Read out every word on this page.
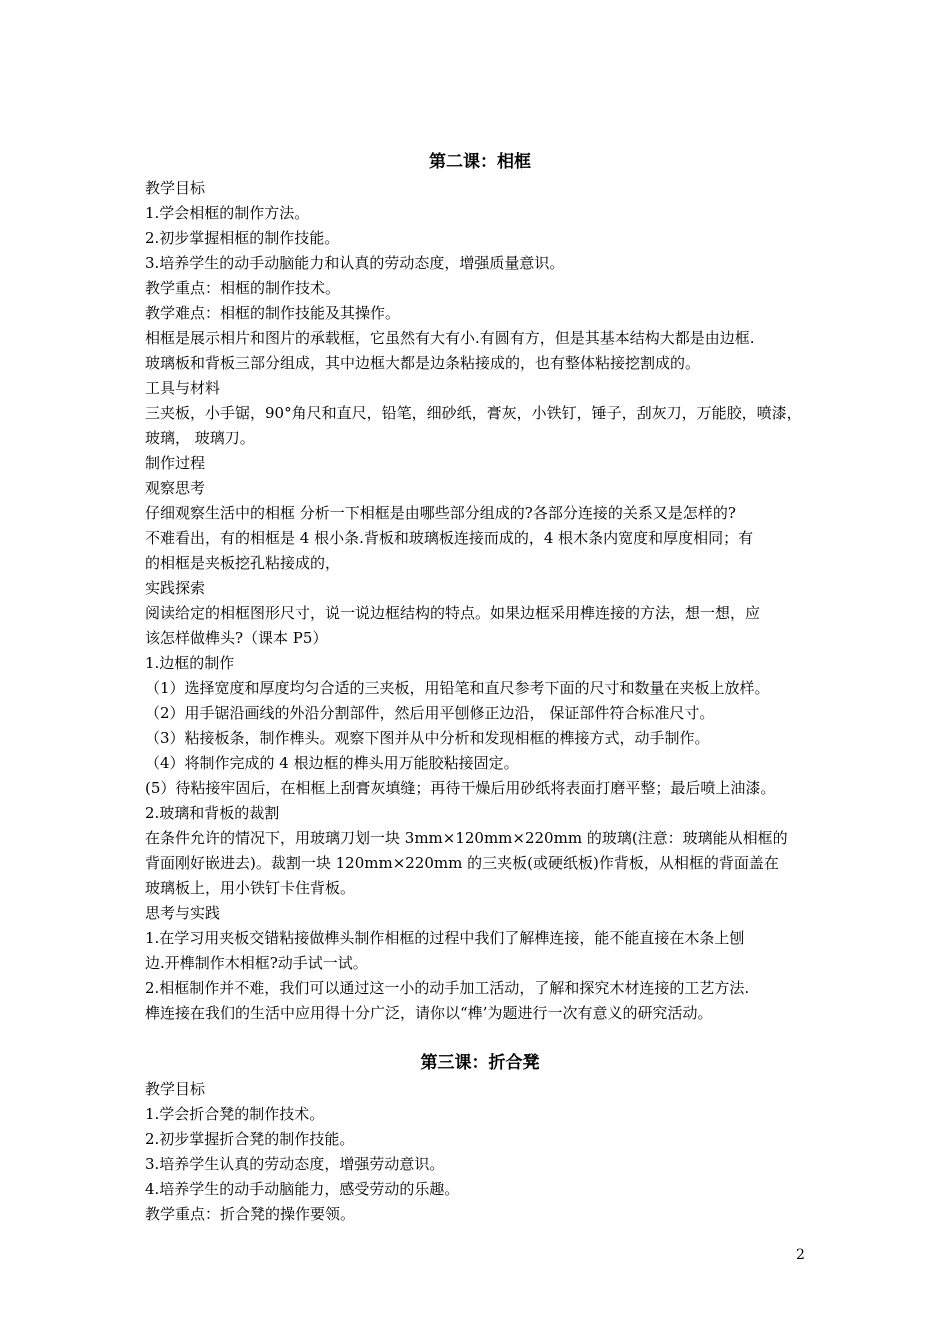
第二课：相框

教学目标

1.学会相框的制作方法。

2.初步掌握相框的制作技能。

3.培养学生的动手动脑能力和认真的劳动态度，增强质量意识。

教学重点：相框的制作技术。

教学难点：相框的制作技能及其操作。

相框是展示相片和图片的承载框，它虽然有大有小.有圆有方，但是其基本结构大都是由边框.

玻璃板和背板三部分组成，其中边框大都是边条粘接成的，也有整体粘接挖割成的。

工具与材料

三夹板，小手锯，90°角尺和直尺，铅笔，细砂纸，膏灰，小铁钉，锤子，刮灰刀，万能胶，喷漆，

玻璃， 玻璃刀。

制作过程

观察思考

仔细观察生活中的相框 分析一下相框是由哪些部分组成的?各部分连接的关系又是怎样的?

不难看出，有的相框是 4 根小条.背板和玻璃板连接而成的，4 根木条内宽度和厚度相同；有

的相框是夹板挖孔粘接成的，

实践探索

阅读给定的相框图形尺寸，说一说边框结构的特点。如果边框采用榫连接的方法，想一想，应

该怎样做榫头?（课本 P5）

1.边框的制作

（1）选择宽度和厚度均匀合适的三夹板，用铅笔和直尺参考下面的尺寸和数量在夹板上放样。

（2）用手锯沿画线的外沿分割部件，然后用平刨修正边沿， 保证部件符合标准尺寸。

（3）粘接板条，制作榫头。观察下图并从中分析和发现相框的榫接方式，动手制作。

（4）将制作完成的 4 根边框的榫头用万能胶粘接固定。

(5）待粘接牢固后，在相框上刮膏灰填缝；再待干燥后用砂纸将表面打磨平整；最后喷上油漆。

2.玻璃和背板的裁割

在条件允许的情况下，用玻璃刀划一块 3mm×120mm×220mm 的玻璃(注意：玻璃能从相框的

背面刚好嵌进去)。裁割一块 120mm×220mm 的三夹板(或硬纸板)作背板，从相框的背面盖在

玻璃板上，用小铁钉卡住背板。

思考与实践

1.在学习用夹板交错粘接做榫头制作相框的过程中我们了解榫连接，能不能直接在木条上刨

边.开榫制作木相框?动手试一试。

2.相框制作并不难，我们可以通过这一小的动手加工活动，了解和探究木材连接的工艺方法.

榫连接在我们的生活中应用得十分广泛，请你以“榫’为题进行一次有意义的研究活动。

第三课：折合凳

教学目标

1.学会折合凳的制作技术。

2.初步掌握折合凳的制作技能。

3.培养学生认真的劳动态度，增强劳动意识。

4.培养学生的动手动脑能力，感受劳动的乐趣。

教学重点：折合凳的操作要领。

2
